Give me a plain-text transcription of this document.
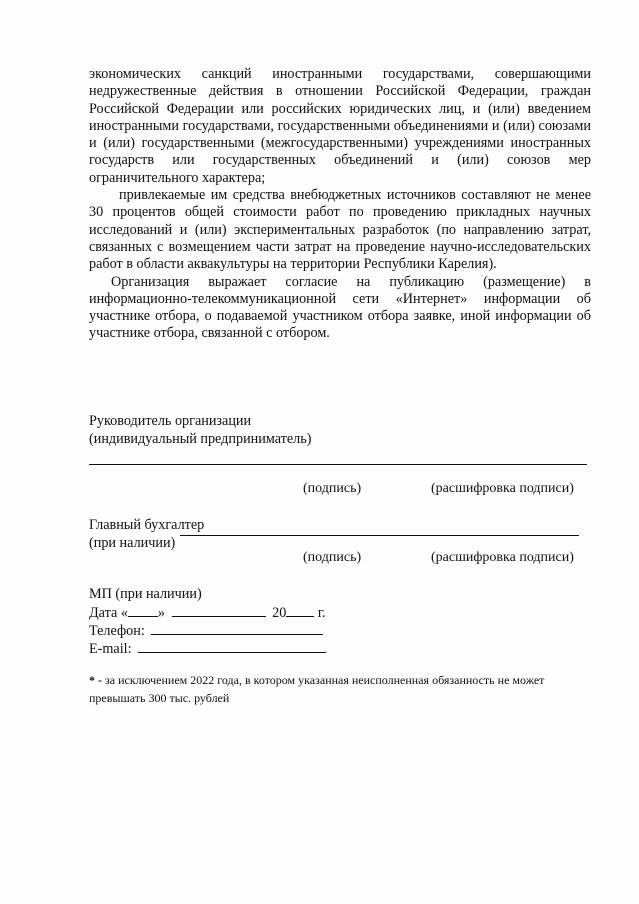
экономических санкций иностранными государствами, совершающими недружественные действия в отношении Российской Федерации, граждан Российской Федерации или российских юридических лиц, и (или) введением иностранными государствами, государственными объединениями и (или) союзами и (или) государственными (межгосударственными) учреждениями иностранных государств или государственных объединений и (или) союзов мер ограничительного характера;

привлекаемые им средства внебюджетных источников составляют не менее 30 процентов общей стоимости работ по проведению прикладных научных исследований и (или) экспериментальных разработок (по направлению затрат, связанных с возмещением части затрат на проведение научно-исследовательских работ в области аквакультуры на территории Республики Карелия).

Организация выражает согласие на публикацию (размещение) в информационно-телекоммуникационной сети «Интернет» информации об участнике отбора, о подаваемой участником отбора заявке, иной информации об участнике отбора, связанной с отбором.

Руководитель организации
(индивидуальный предприниматель)
(подпись)	(расшифровка подписи)
Главный бухгалтер
(при наличии)
(подпись)	(расшифровка подписи)
МП (при наличии)
Дата « »	20 г.
Телефон:
E-mail:
* - за исключением 2022 года, в котором указанная неисполненная обязанность не может превышать 300 тыс. рублей
